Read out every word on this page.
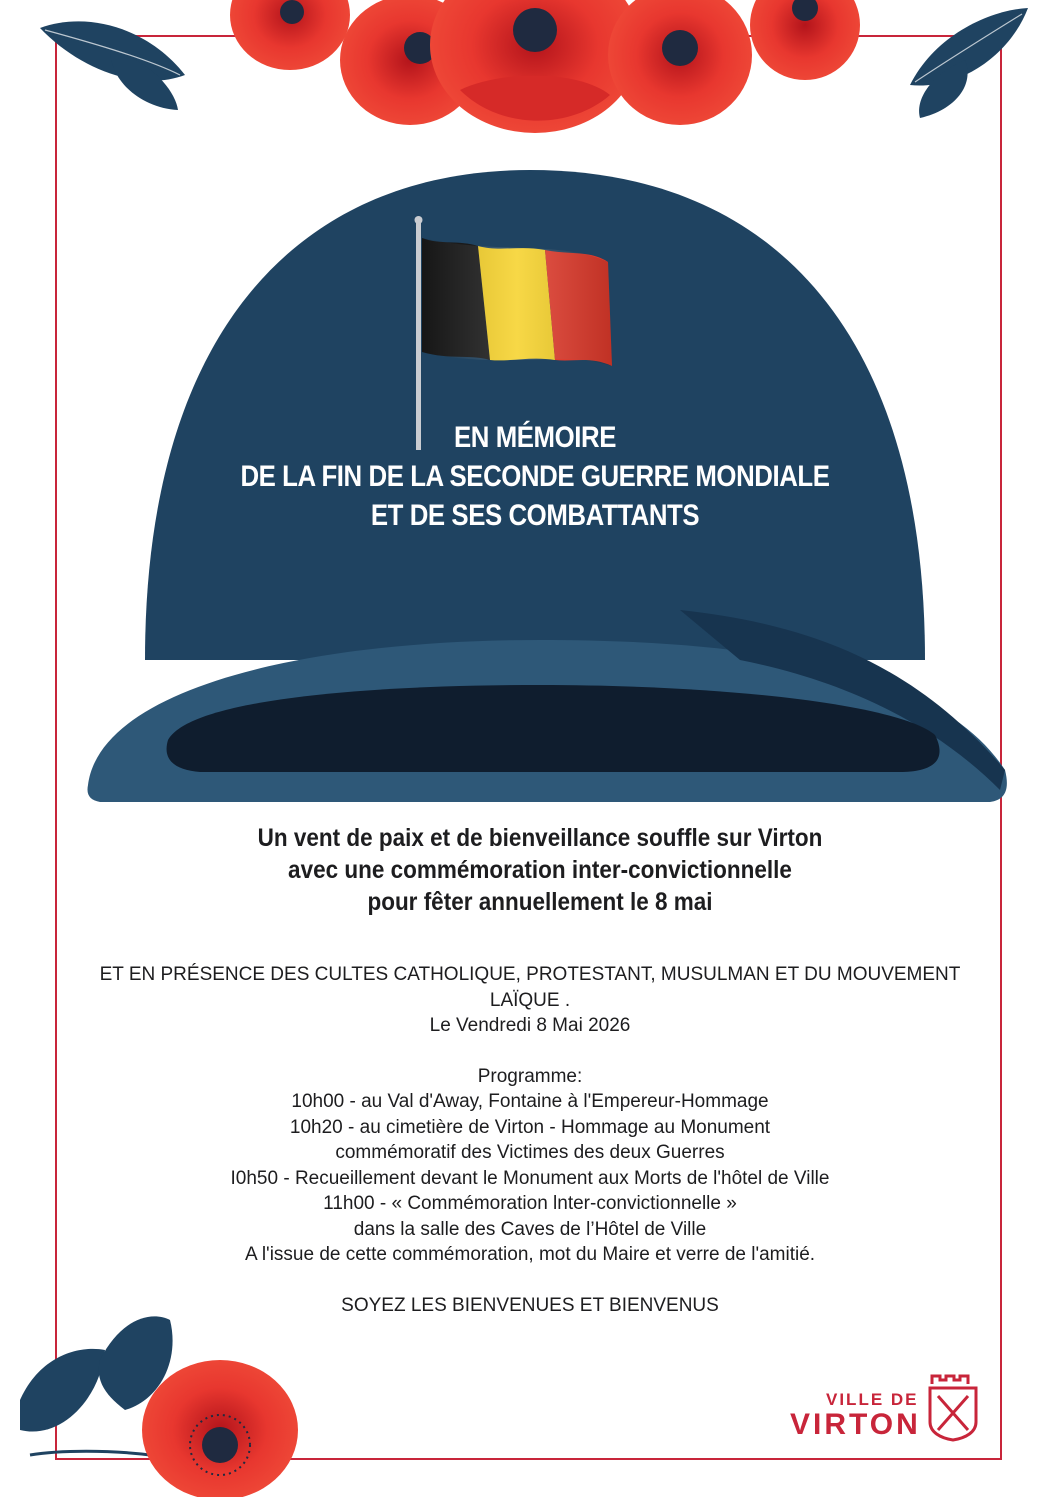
EN MÉMOIRE
DE LA FIN DE LA SECONDE GUERRE MONDIALE
ET DE SES COMBATTANTS
Un vent de paix et de bienveillance souffle sur Virton
avec une commémoration inter-convictionnelle
pour fêter annuellement le 8 mai
ET EN PRÉSENCE DES CULTES CATHOLIQUE, PROTESTANT, MUSULMAN ET DU MOUVEMENT LAÏQUE .
Le Vendredi 8 Mai 2026
Programme:
10h00 - au Val d'Away, Fontaine à l'Empereur-Hommage
10h20 - au cimetière de Virton - Hommage au Monument
commémoratif des Victimes des deux Guerres
I0h50 - Recueillement devant le Monument aux Morts de l'hôtel de Ville
11h00 - « Commémoration lnter-convictionnelle »
dans la salle des Caves de l’Hôtel de Ville
A l'issue de cette commémoration, mot du Maire et verre de l'amitié.
SOYEZ LES BIENVENUES ET BIENVENUS
VILLE DE
VIRTON
